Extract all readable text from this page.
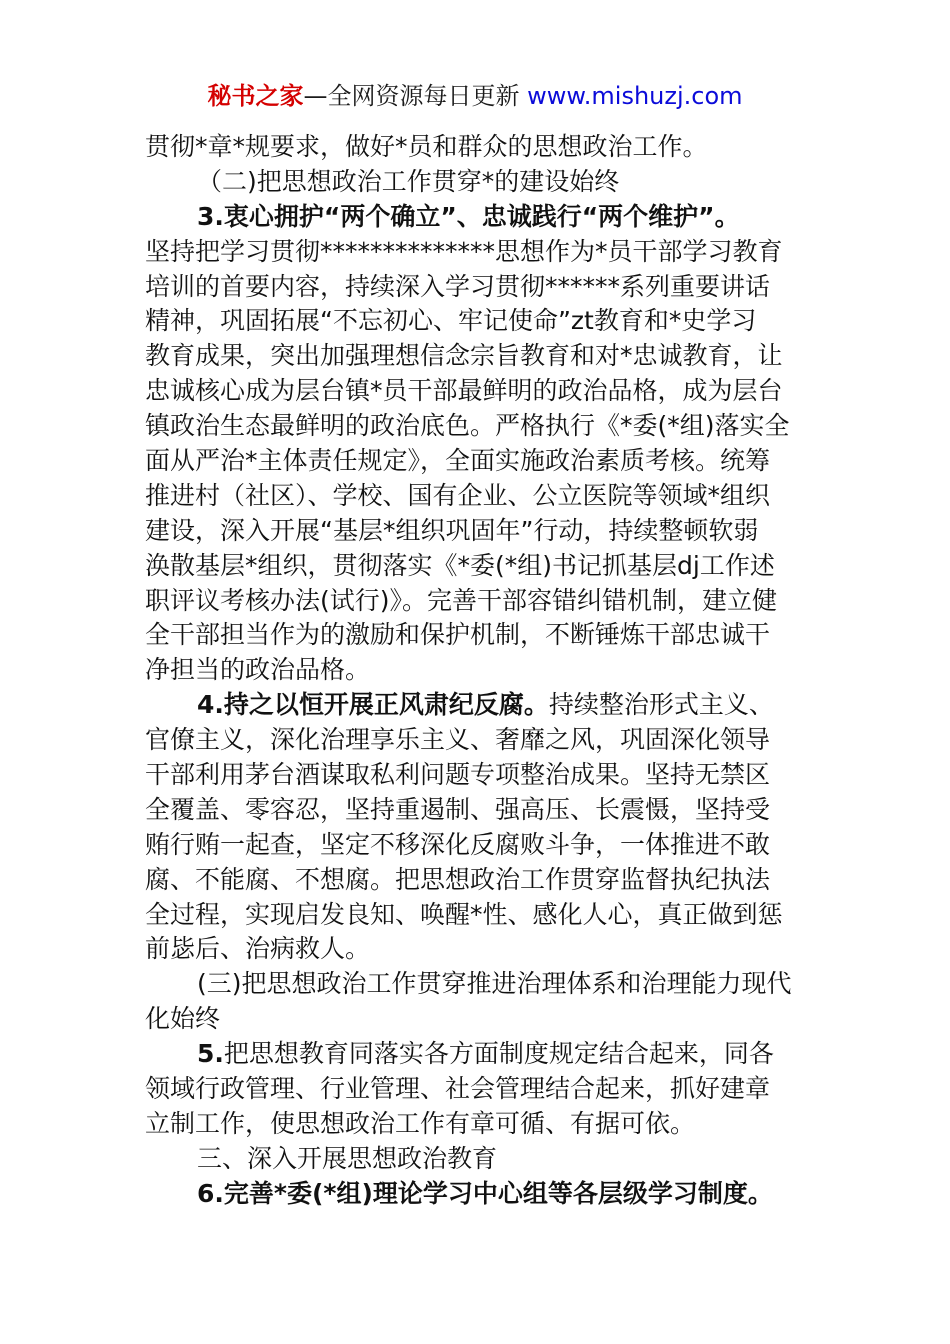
秘书之家—全网资源每日更新 www.mishuzj.com
贯彻*章*规要求，做好*员和群众的思想政治工作。
（二)把思想政治工作贯穿*的建设始终
3.衷心拥护“两个确立”、忠诚践行“两个维护”。
坚持把学习贯彻**************思想作为*员干部学习教育
培训的首要内容，持续深入学习贯彻******系列重要讲话
精神，巩固拓展“不忘初心、牢记使命”zt教育和*史学习
教育成果，突出加强理想信念宗旨教育和对*忠诚教育，让
忠诚核心成为层台镇*员干部最鲜明的政治品格，成为层台
镇政治生态最鲜明的政治底色。严格执行《*委(*组)落实全
面从严治*主体责任规定》，全面实施政治素质考核。统筹
推进村（社区）、学校、国有企业、公立医院等领域*组织
建设，深入开展“基层*组织巩固年”行动，持续整顿软弱
涣散基层*组织，贯彻落实《*委(*组)书记抓基层dj工作述
职评议考核办法(试行)》。完善干部容错纠错机制，建立健
全干部担当作为的激励和保护机制，不断锤炼干部忠诚干
净担当的政治品格。
4.持之以恒开展正风肃纪反腐。持续整治形式主义、
官僚主义，深化治理享乐主义、奢靡之风，巩固深化领导
干部利用茅台酒谋取私利问题专项整治成果。坚持无禁区
全覆盖、零容忍，坚持重遏制、强高压、长震慑，坚持受
贿行贿一起查，坚定不移深化反腐败斗争，一体推进不敢
腐、不能腐、不想腐。把思想政治工作贯穿监督执纪执法
全过程，实现启发良知、唤醒*性、感化人心，真正做到惩
前毖后、治病救人。
(三)把思想政治工作贯穿推进治理体系和治理能力现代
化始终
5.把思想教育同落实各方面制度规定结合起来，同各
领域行政管理、行业管理、社会管理结合起来，抓好建章
立制工作，使思想政治工作有章可循、有据可依。
三、深入开展思想政治教育
6.完善*委(*组)理论学习中心组等各层级学习制度。
